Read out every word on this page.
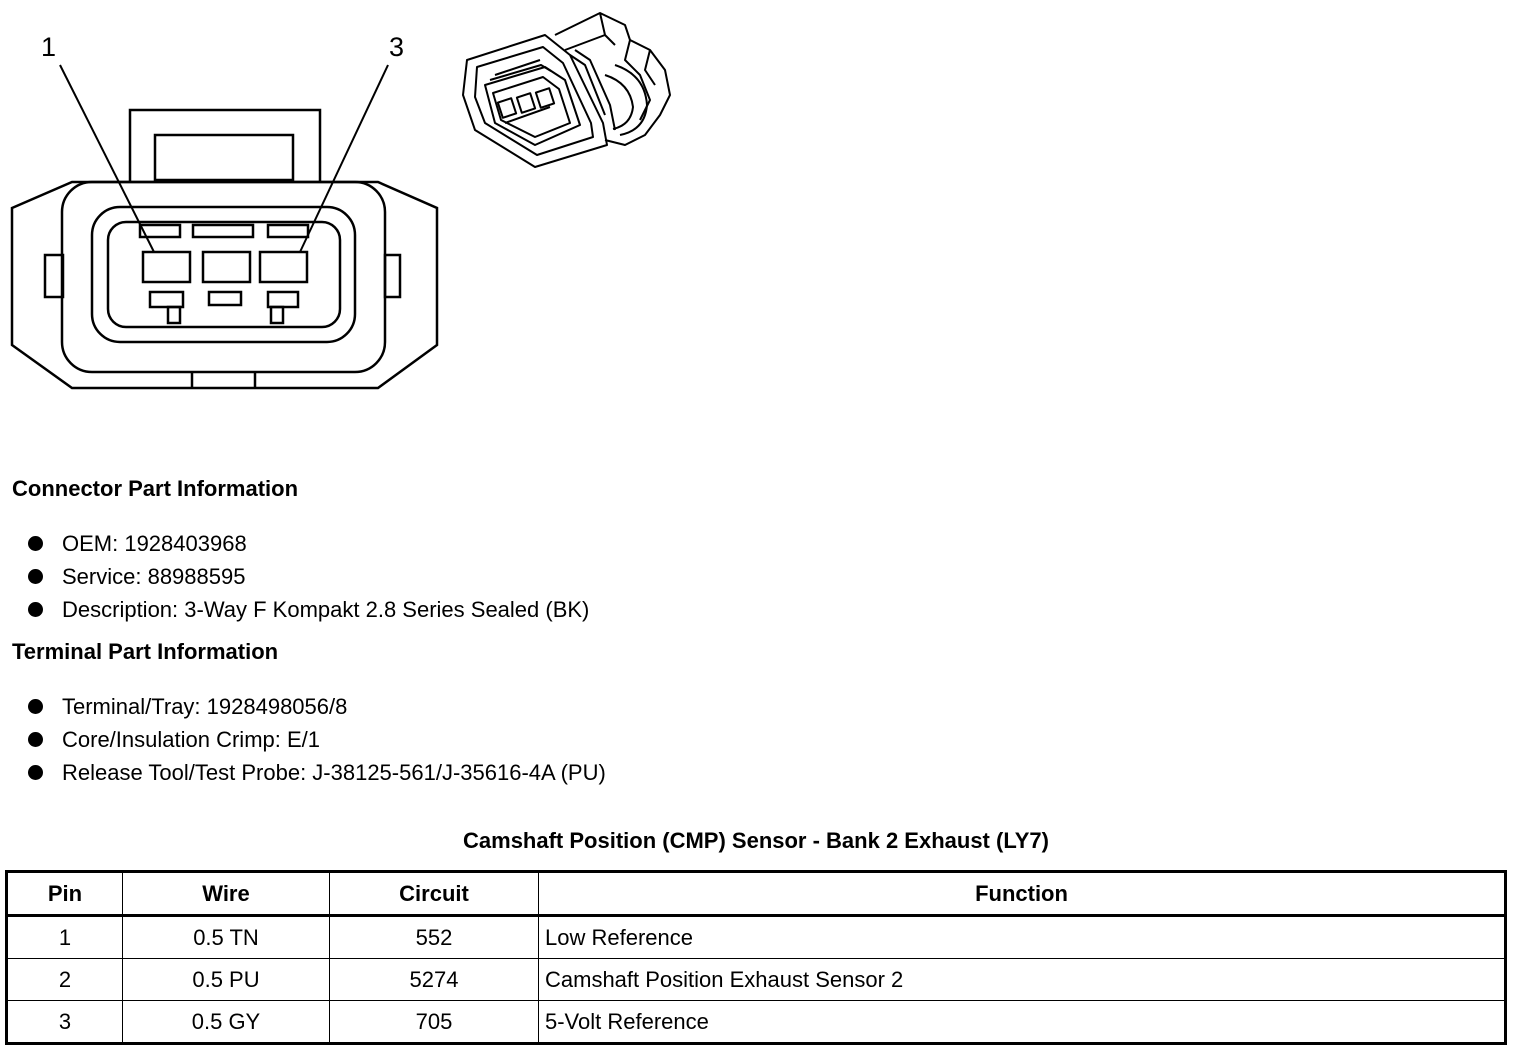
1	3
Connector Part Information
OEM: 1928403968
Service: 88988595
Description: 3-Way F Kompakt 2.8 Series Sealed (BK)
Terminal Part Information
Terminal/Tray: 1928498056/8
Core/Insulation Crimp: E/1
Release Tool/Test Probe: J-38125-561/J-35616-4A (PU)
Camshaft Position (CMP) Sensor - Bank 2 Exhaust (LY7)
Pin	Wire	Circuit	Function
1	0.5 TN	552	Low Reference
2	0.5 PU	5274	Camshaft Position Exhaust Sensor 2
3	0.5 GY	705	5-Volt Reference
